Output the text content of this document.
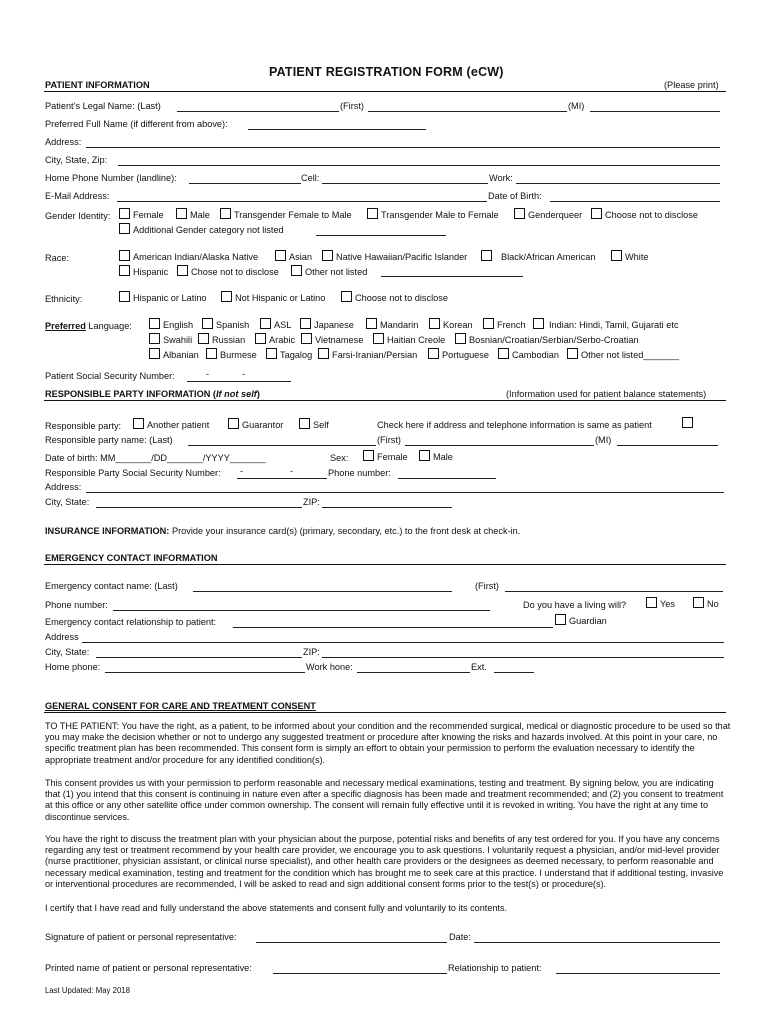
PATIENT REGISTRATION FORM (eCW)
PATIENT INFORMATION	(Please print)
Patient’s Legal Name: (Last)	(First)	(MI)
Preferred Full Name (if different from above):
Address:
City, State, Zip:
Home Phone Number (landline):	Cell:	Work:
E-Mail Address:	Date of Birth:
Gender Identity:	Female	Male	Transgender Female to Male	Transgender Male to Female	Genderqueer	Choose not to disclose
Additional Gender category not listed
Race:	American Indian/Alaska Native	Asian	Native Hawaiian/Pacific Islander	Black/African American	White
Hispanic	Chose not to disclose	Other not listed
Ethnicity:	Hispanic or Latino	Not Hispanic or Latino	Choose not to disclose
Preferred Language:	English	Spanish	ASL	Japanese	Mandarin	Korean	French	Indian: Hindi, Tamil, Gujarati etc
Swahili	Russian	Arabic	Vietnamese	Haitian Creole	Bosnian/Croatian/Serbian/Serbo-Croatian
Albanian	Burmese	Tagalog	Farsi-Iranian/Persian	Portuguese	Cambodian	Other not listed_______
Patient Social Security Number:	-	-
RESPONSIBLE PARTY INFORMATION (If not self)	(Information used for patient balance statements)
Responsible party:	Another patient	Guarantor	Self	Check here if address and telephone information is same as patient
Responsible party name: (Last)	(First)	(MI)
Date of birth: MM_______/DD_______/YYYY_______	Sex:	Female	Male
Responsible Party Social Security Number: -	-	Phone number:
Address:
City, State:	ZIP:
INSURANCE INFORMATION: Provide your insurance card(s) (primary, secondary, etc.) to the front desk at check-in.
EMERGENCY CONTACT INFORMATION
Emergency contact name: (Last)	(First)
Phone number:	Do you have a living will?	Yes	No
Emergency contact relationship to patient:	Guardian
Address
City, State:	ZIP:
Home phone:	Work hone:	Ext.
GENERAL CONSENT FOR CARE AND TREATMENT CONSENT
TO THE PATIENT: You have the right, as a patient, to be informed about your condition and the recommended surgical, medical or diagnostic procedure to be used so that you may make the decision whether or not to undergo any suggested treatment or procedure after knowing the risks and hazards involved. At this point in your care, no specific treatment plan has been recommended. This consent form is simply an effort to obtain your permission to perform the evaluation necessary to identify the appropriate treatment and/or procedure for any identified condition(s).
This consent provides us with your permission to perform reasonable and necessary medical examinations, testing and treatment. By signing below, you are indicating that (1) you intend that this consent is continuing in nature even after a specific diagnosis has been made and treatment recommended; and (2) you consent to treatment at this office or any other satellite office under common ownership. The consent will remain fully effective until it is revoked in writing. You have the right at any time to discontinue services.
You have the right to discuss the treatment plan with your physician about the purpose, potential risks and benefits of any test ordered for you. If you have any concerns regarding any test or treatment recommend by your health care provider, we encourage you to ask questions. I voluntarily request a physician, and/or mid-level provider (nurse practitioner, physician assistant, or clinical nurse specialist), and other health care providers or the designees as deemed necessary, to perform reasonable and necessary medical examination, testing and treatment for the condition which has brought me to seek care at this practice. I understand that if additional testing, invasive or interventional procedures are recommended, I will be asked to read and sign additional consent forms prior to the test(s) or procedure(s).
I certify that I have read and fully understand the above statements and consent fully and voluntarily to its contents.
Signature of patient or personal representative:	Date:
Printed name of patient or personal representative:	Relationship to patient:
Last Updated: May 2018
